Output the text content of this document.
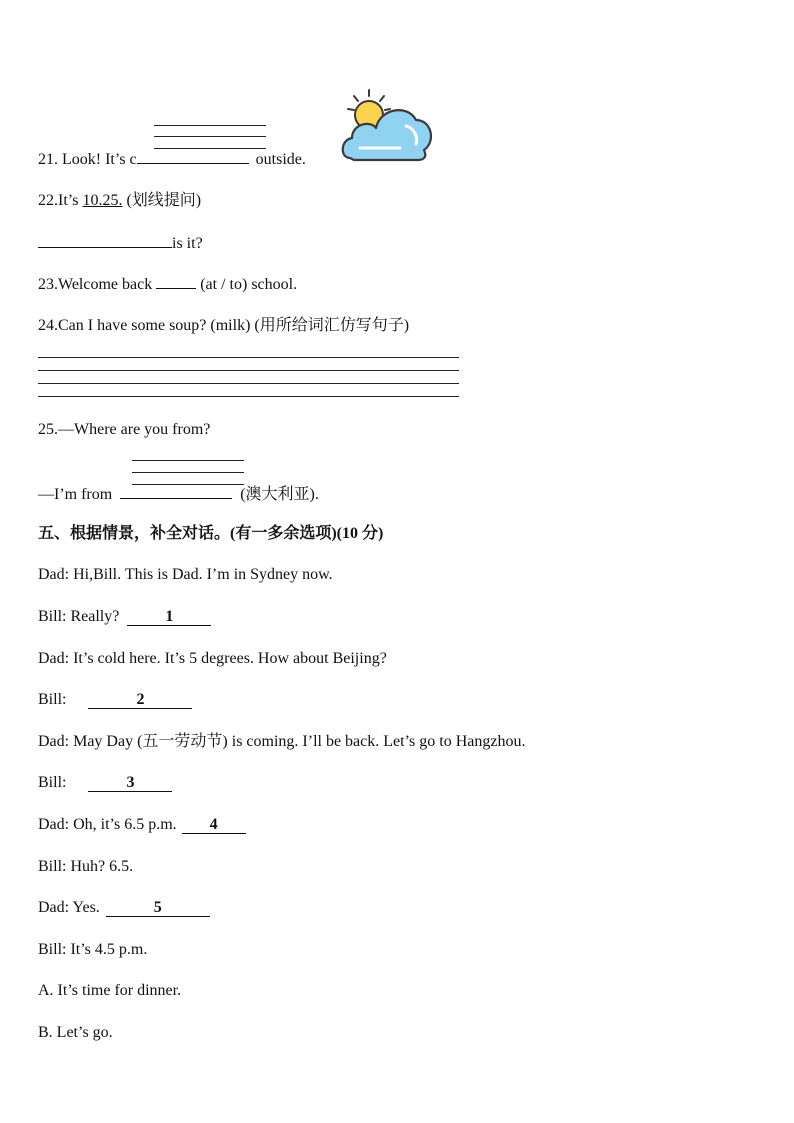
21. Look! It’s c	outside.
22.It’s 10.25. (划线提问)
is it?
23.Welcome back	(at / to) school.
24.Can I have some soup? (milk) (用所给词汇仿写句子)
25.—Where are you from?
—I’m from	(澳大利亚).
五、根据情景，补全对话。(有一多余选项)(10 分)
Dad: Hi,Bill. This is Dad. I’m in Sydney now.
Bill: Really?	1
Dad: It’s cold here. It’s 5 degrees. How about Beijing?
Bill:	2
Dad: May Day (五一劳动节) is coming. I’ll be back. Let’s go to Hangzhou.
Bill:	3
Dad: Oh, it’s 6.5 p.m. 4
Bill: Huh? 6.5.
Dad: Yes.	5
Bill: It’s 4.5 p.m.
A. It’s time for dinner.
B. Let’s go.
